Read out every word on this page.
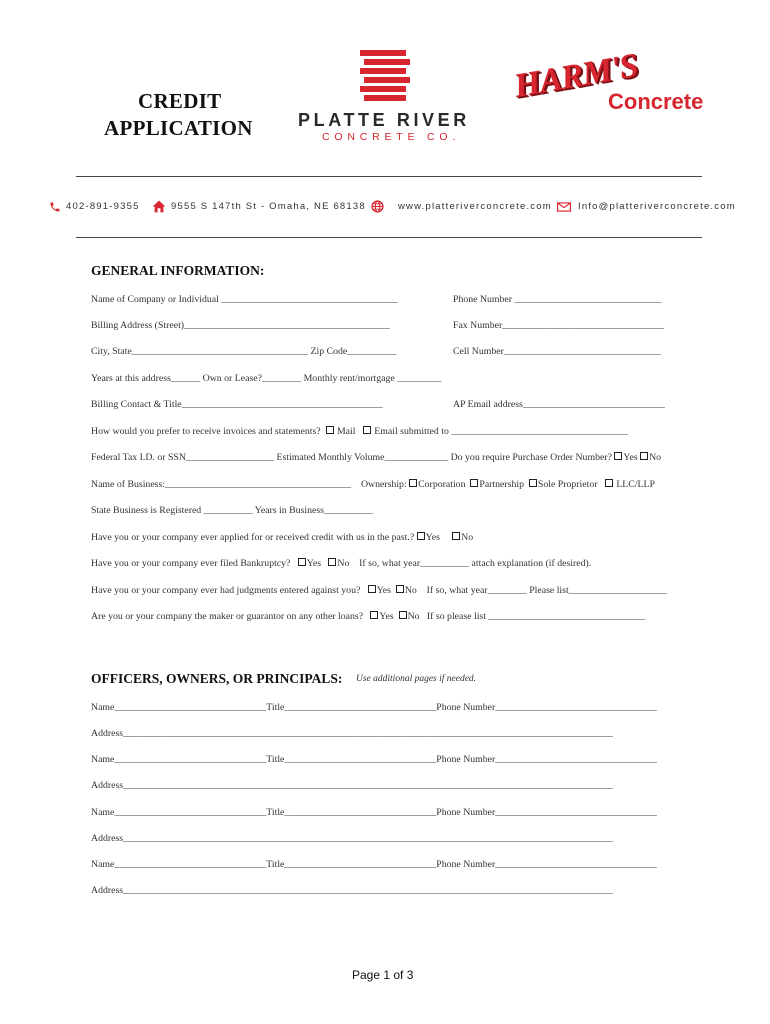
CREDIT
APPLICATION	PLATTE RIVER
CONCRETE CO.
HARM'S
Concrete
402-891-9355	9555 S 147th St - Omaha, NE 68138	www.platteriverconcrete.com	Info@platteriverconcrete.com
GENERAL INFORMATION:
Name of Company or Individual ____________________________________	Phone Number ______________________________
Billing Address (Street)__________________________________________	Fax Number_________________________________
City, State____________________________________ Zip Code__________	Cell Number________________________________
Years at this address______ Own or Lease?________ Monthly rent/mortgage _________
Billing Contact & Title_________________________________________	AP Email address_____________________________
How would you prefer to receive invoices and statements? Mail Email submitted to ____________________________________
Federal Tax I.D. or SSN__________________ Estimated Monthly Volume_____________ Do you require Purchase Order Number? Yes No
Name of Business:______________________________________ Ownership: Corporation Partnership Sole Proprietor LLC/LLP
State Business is Registered __________ Years in Business__________
Have you or your company ever applied for or received credit with us in the past.? Yes No
Have you or your company ever filed Bankruptcy? Yes No If so, what year__________ attach explanation (if desired).
Have you or your company ever had judgments entered against you? Yes No If so, what year________ Please list____________________
Are you or your company the maker or guarantor on any other loans? Yes No If so please list ________________________________
OFFICERS, OWNERS, OR PRINCIPALS: Use additional pages if needed.
Name_______________________________Title_______________________________Phone Number_________________________________
Address____________________________________________________________________________________________________
Name_______________________________Title_______________________________Phone Number_________________________________
Address____________________________________________________________________________________________________
Name_______________________________Title_______________________________Phone Number_________________________________
Address____________________________________________________________________________________________________
Name_______________________________Title_______________________________Phone Number_________________________________
Address____________________________________________________________________________________________________
Page 1 of 3
